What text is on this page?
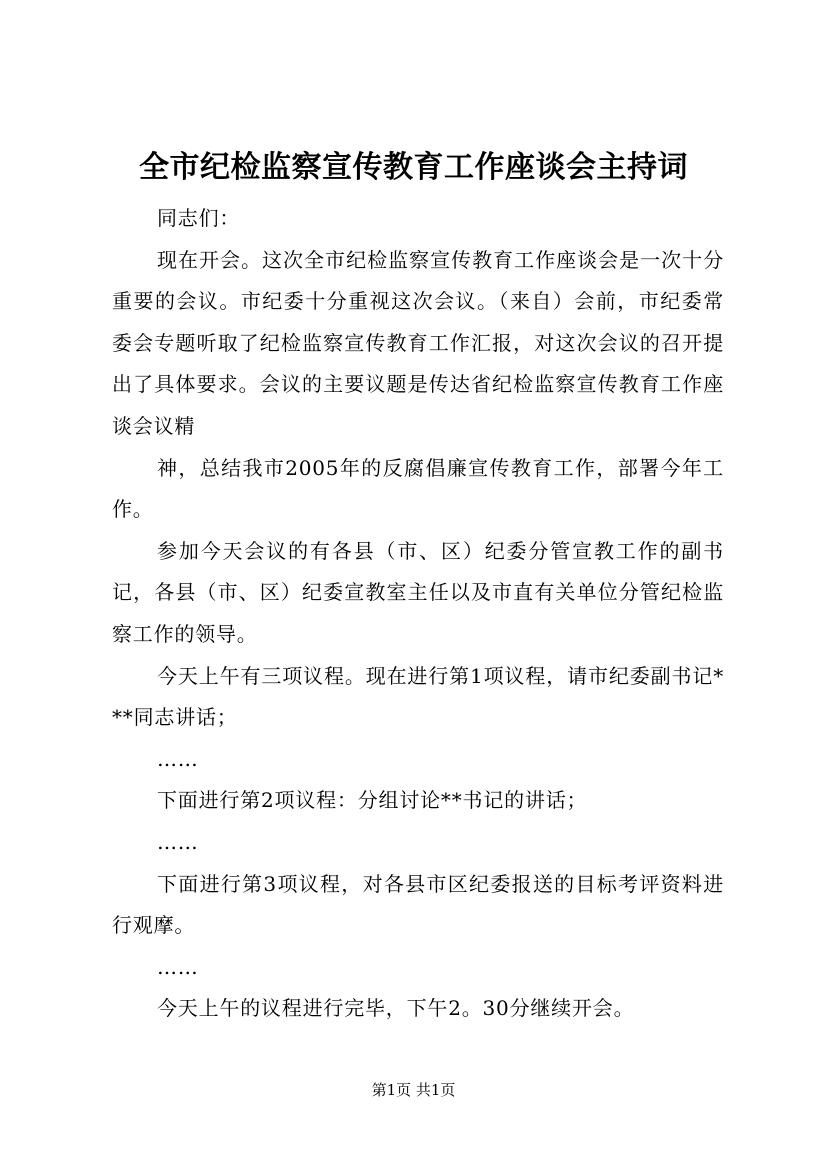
全市纪检监察宣传教育工作座谈会主持词

同志们：

现在开会。这次全市纪检监察宣传教育工作座谈会是一次十分重要的会议。市纪委十分重视这次会议。（来自）会前，市纪委常委会专题听取了纪检监察宣传教育工作汇报，对这次会议的召开提出了具体要求。会议的主要议题是传达省纪检监察宣传教育工作座谈会议精

神，总结我市2005年的反腐倡廉宣传教育工作，部署今年工作。

参加今天会议的有各县（市、区）纪委分管宣教工作的副书记，各县（市、区）纪委宣教室主任以及市直有关单位分管纪检监察工作的领导。

今天上午有三项议程。现在进行第1项议程，请市纪委副书记***同志讲话；

……

下面进行第2项议程：分组讨论**书记的讲话；

……

下面进行第3项议程，对各县市区纪委报送的目标考评资料进行观摩。

……

今天上午的议程进行完毕，下午2。30分继续开会。

第1页 共1页
